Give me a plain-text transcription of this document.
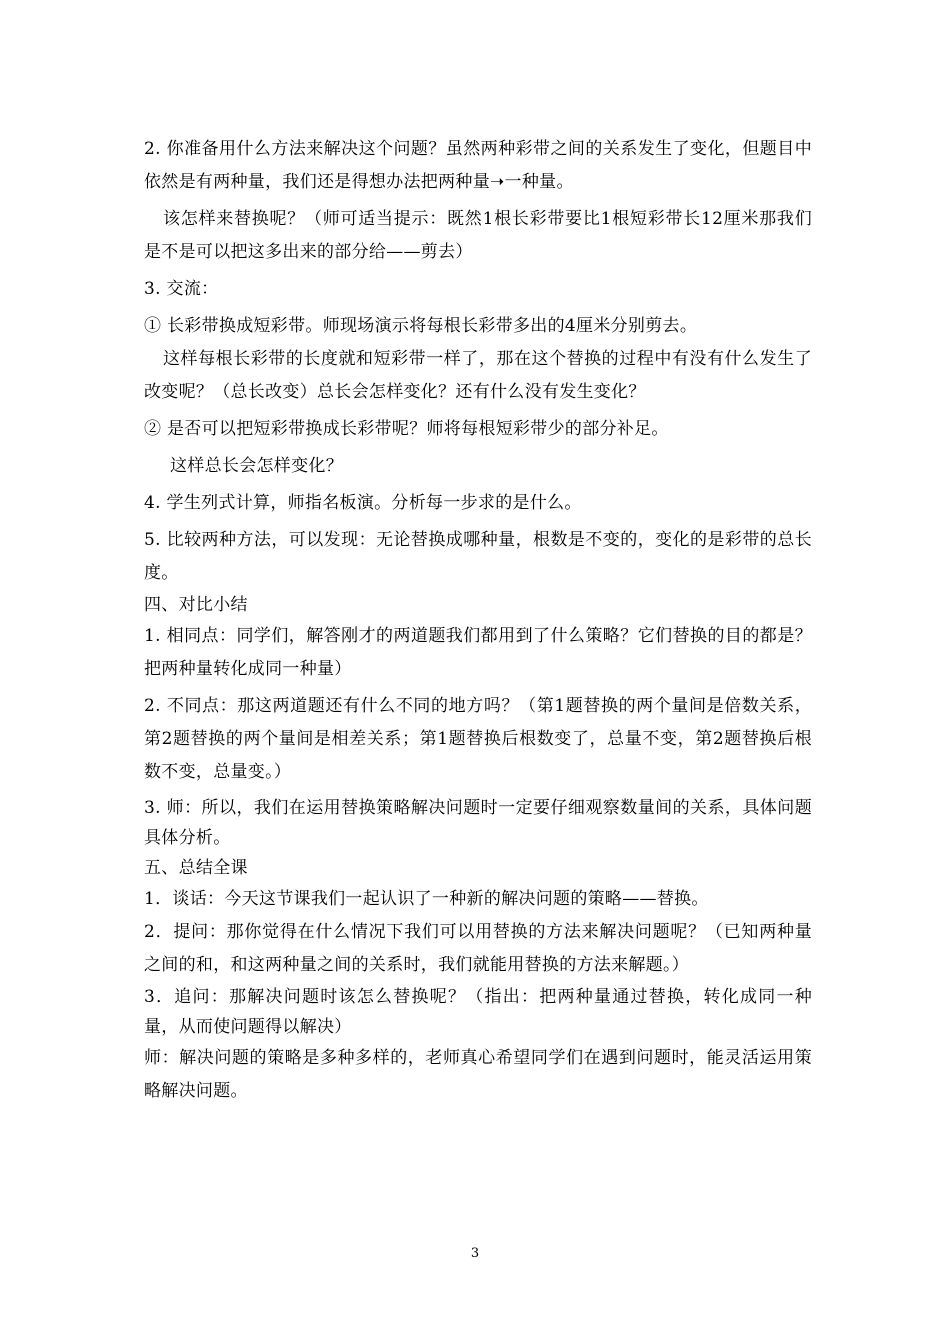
2. 你准备用什么方法来解决这个问题？虽然两种彩带之间的关系发生了变化，但题目中依然是有两种量，我们还是得想办法把两种量➝一种量。

该怎样来替换呢？（师可适当提示：既然1根长彩带要比1根短彩带长12厘米那我们是不是可以把这多出来的部分给——剪去）

3. 交流：

① 长彩带换成短彩带。师现场演示将每根长彩带多出的4厘米分别剪去。

这样每根长彩带的长度就和短彩带一样了，那在这个替换的过程中有没有什么发生了改变呢？（总长改变）总长会怎样变化？还有什么没有发生变化？

② 是否可以把短彩带换成长彩带呢？师将每根短彩带少的部分补足。

这样总长会怎样变化？

4. 学生列式计算，师指名板演。分析每一步求的是什么。

5. 比较两种方法，可以发现：无论替换成哪种量，根数是不变的，变化的是彩带的总长度。

四、对比小结

1. 相同点：同学们，解答刚才的两道题我们都用到了什么策略？它们替换的目的都是？把两种量转化成同一种量）

2. 不同点：那这两道题还有什么不同的地方吗？（第1题替换的两个量间是倍数关系，第2题替换的两个量间是相差关系；第1题替换后根数变了，总量不变，第2题替换后根数不变，总量变。）

3. 师：所以，我们在运用替换策略解决问题时一定要仔细观察数量间的关系，具体问题具体分析。

五、总结全课

1．谈话：今天这节课我们一起认识了一种新的解决问题的策略——替换。

2．提问：那你觉得在什么情况下我们可以用替换的方法来解决问题呢？（已知两种量之间的和，和这两种量之间的关系时，我们就能用替换的方法来解题。）

3．追问：那解决问题时该怎么替换呢？（指出：把两种量通过替换，转化成同一种量，从而使问题得以解决）

师：解决问题的策略是多种多样的，老师真心希望同学们在遇到问题时，能灵活运用策略解决问题。

3
